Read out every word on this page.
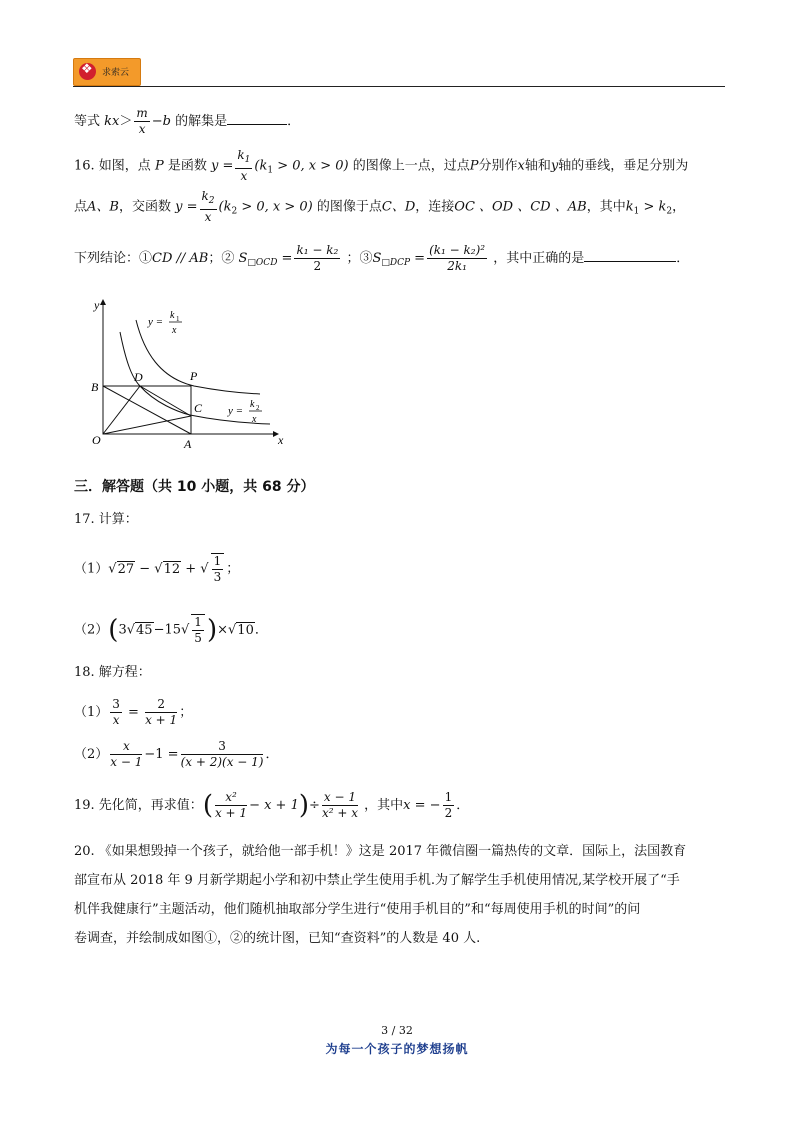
❖
求索云
等式 $kx> \frac{m}{x} -b$ 的解集是	．
16. 如图，点 P 是函数 $y = \frac{k_1}{x} (k_1 > 0$, x > 0) 的图像上一点，过点P分别作x轴和y轴的垂线，垂足分别为
点A、B，交函数 $y = \frac{k_2}{x} (k_2 > 0$, x > 0) 的图像于点C、D，连接OC 、OD 、CD 、AB，其中$k_1 > k_2$，
下列结论：①CD // AB；② $S_{□OCD} = \frac{\text{k₁ − k₂}}{2}$ ；$③S_{□DCP} = \frac{\text{(k₁ − k₂)²}}{\text{2k₁}}$ ，其中正确的是	．
y
x
O	A
B
C
D	P
y =
k 1
x
y =
k 2
x
三．解答题（共 10 小题，共 68 分）
17. 计算：
（1）√27 − √12 + √ $\frac{1}{3}$ ；
$(2)(3√45-15√ \frac{1}{5} )\times√10$．
18. 解方程：
$(1) \frac{3}{x} = \frac{2}{x + 1}$ ；
$(2) \frac{x}{x - 1} -1 = \frac{3}{(x + 2)(x - 1)}$ ．
19. 先化简，再求值：( $\frac{\text{x²}}{x + 1} - x + 1)\div \frac{x - 1}{\text{x² + x}}$ ，其中x = − $\frac{1}{2}$ ．
20. 《如果想毁掉一个孩子，就给他一部手机！》这是 2017 年微信圈一篇热传的文章．国际上，法国教育
部宣布从 2018 年 9 月新学期起小学和初中禁止学生使用手机.为了解学生手机使用情况,某学校开展了“手
机伴我健康行”主题活动，他们随机抽取部分学生进行“使用手机目的”和“每周使用手机的时间”的问
卷调查，并绘制成如图①，②的统计图，已知“查资料”的人数是 40 人.
3 / 32
为每一个孩子的梦想扬帆
